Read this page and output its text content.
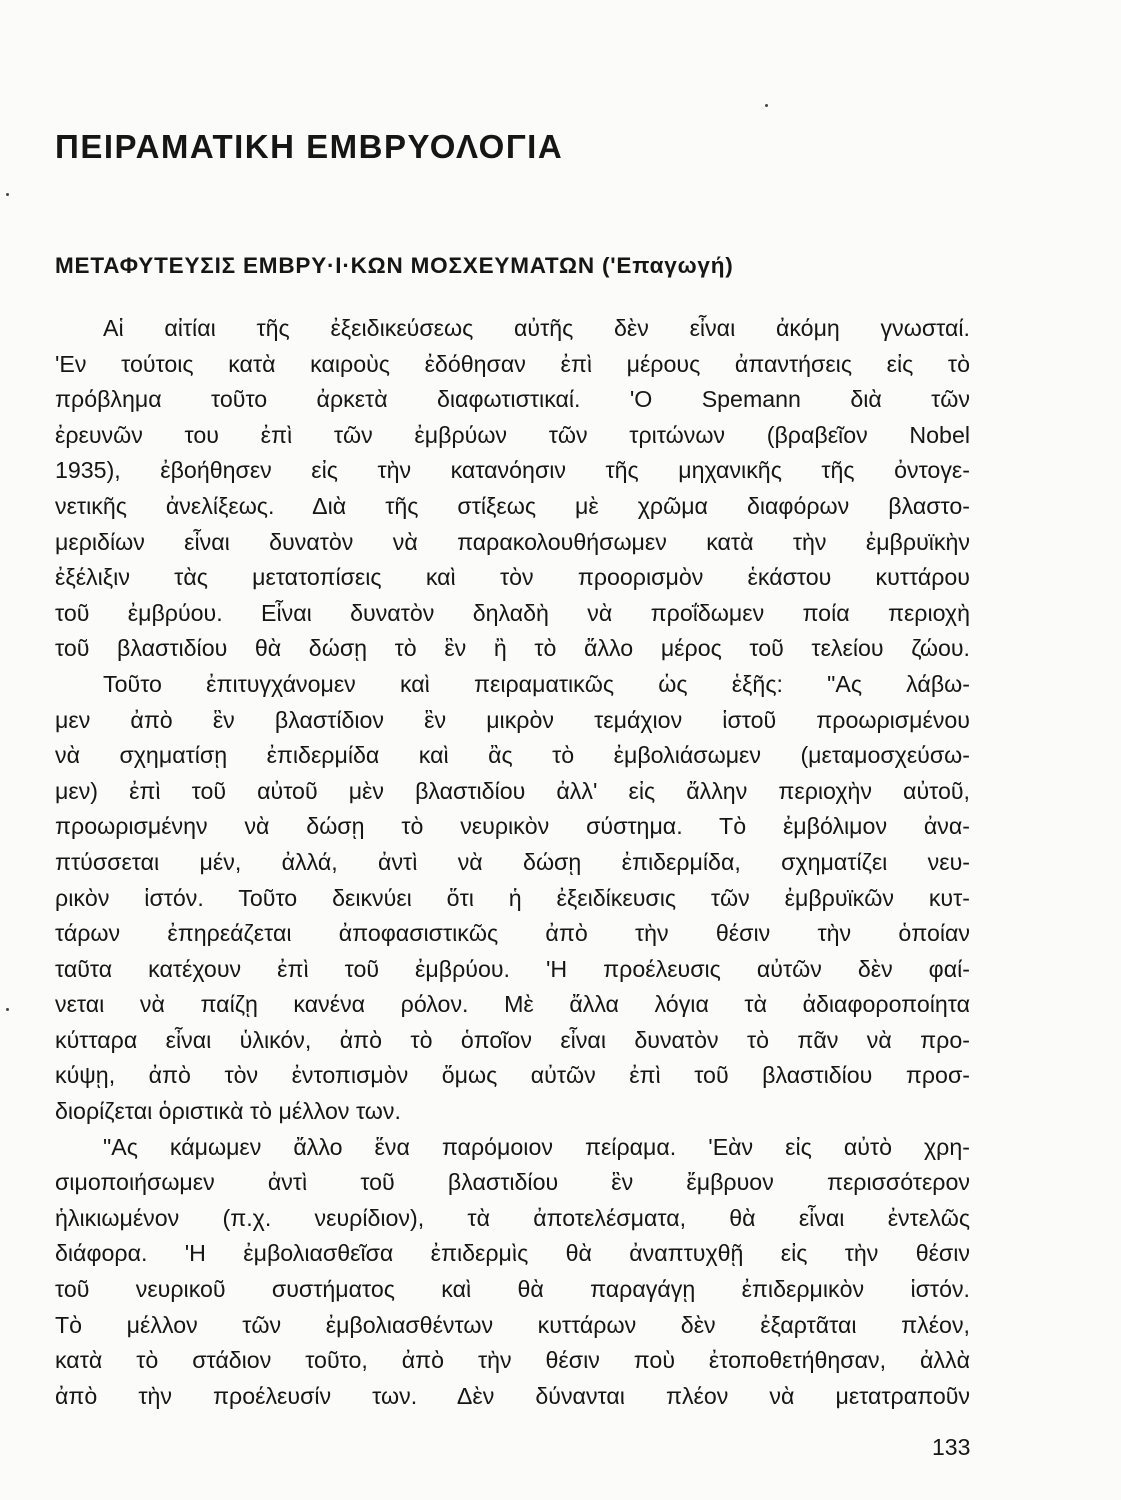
ΠΕΙΡΑΜΑΤΙΚΗ ΕΜΒΡΥΟΛΟΓΙΑ
ΜΕΤΑΦΥΤΕΥΣΙΣ ΕΜΒΡΥ·Ι·ΚΩΝ ΜΟΣΧΕΥΜΑΤΩΝ ('Επαγωγή)
Αἱ αἰτίαι τῆς ἐξειδικεύσεως αὐτῆς δὲν εἶναι ἀκόμη γνωσταί.
'Εν τούτοις κατὰ καιροὺς ἐδόθησαν ἐπὶ μέρους ἀπαντήσεις εἰς τὸ
πρόβλημα τοῦτο ἀρκετὰ διαφωτιστικαί. 'Ο Spemann διὰ τῶν
ἐρευνῶν του ἐπὶ τῶν ἐμβρύων τῶν τριτώνων (βραβεῖον Nobel
1935), ἐβοήθησεν εἰς τὴν κατανόησιν τῆς μηχανικῆς τῆς ὀντογε-
νετικῆς ἀνελίξεως. Διὰ τῆς στίξεως μὲ χρῶμα διαφόρων βλαστο-
μεριδίων εἶναι δυνατὸν νὰ παρακολουθήσωμεν κατὰ τὴν ἐμβρυϊκὴν
ἐξέλιξιν τὰς μετατοπίσεις καὶ τὸν προορισμὸν ἑκάστου κυττάρου
τοῦ ἐμβρύου. Εἶναι δυνατὸν δηλαδὴ νὰ προΐδωμεν ποία περιοχὴ
τοῦ βλαστιδίου θὰ δώσῃ τὸ ἓν ἢ τὸ ἄλλο μέρος τοῦ τελείου ζώου.
Τοῦτο ἐπιτυγχάνομεν καὶ πειραματικῶς ὡς ἑξῆς: "Ας λάβω-
μεν ἀπὸ ἓν βλαστίδιον ἓν μικρὸν τεμάχιον ἱστοῦ προωρισμένου
νὰ σχηματίσῃ ἐπιδερμίδα καὶ ἂς τὸ ἐμβολιάσωμεν (μεταμοσχεύσω-
μεν) ἐπὶ τοῦ αὐτοῦ μὲν βλαστιδίου ἀλλ' εἰς ἄλλην περιοχὴν αὐτοῦ,
προωρισμένην νὰ δώσῃ τὸ νευρικὸν σύστημα. Τὸ ἐμβόλιμον ἀνα-
πτύσσεται μέν, ἀλλά, ἀντὶ νὰ δώσῃ ἐπιδερμίδα, σχηματίζει νευ-
ρικὸν ἱστόν. Τοῦτο δεικνύει ὅτι ἡ ἐξειδίκευσις τῶν ἐμβρυϊκῶν κυτ-
τάρων ἐπηρεάζεται ἀποφασιστικῶς ἀπὸ τὴν θέσιν τὴν ὁποίαν
ταῦτα κατέχουν ἐπὶ τοῦ ἐμβρύου. 'Η προέλευσις αὐτῶν δὲν φαί-
νεται νὰ παίζῃ κανένα ρόλον. Μὲ ἄλλα λόγια τὰ ἀδιαφοροποίητα
κύτταρα εἶναι ὑλικόν, ἀπὸ τὸ ὁποῖον εἶναι δυνατὸν τὸ πᾶν νὰ προ-
κύψῃ, ἀπὸ τὸν ἐντοπισμὸν ὅμως αὐτῶν ἐπὶ τοῦ βλαστιδίου προσ-
διορίζεται ὁριστικὰ τὸ μέλλον των.
"Ας κάμωμεν ἄλλο ἕνα παρόμοιον πείραμα. 'Εὰν εἰς αὐτὸ χρη-
σιμοποιήσωμεν ἀντὶ τοῦ βλαστιδίου ἓν ἔμβρυον περισσότερον
ἡλικιωμένον (π.χ. νευρίδιον), τὰ ἀποτελέσματα, θὰ εἶναι ἐντελῶς
διάφορα. 'Η ἐμβολιασθεῖσα ἐπιδερμὶς θὰ ἀναπτυχθῇ εἰς τὴν θέσιν
τοῦ νευρικοῦ συστήματος καὶ θὰ παραγάγῃ ἐπιδερμικὸν ἱστόν.
Τὸ μέλλον τῶν ἐμβολιασθέντων κυττάρων δὲν ἐξαρτᾶται πλέον,
κατὰ τὸ στάδιον τοῦτο, ἀπὸ τὴν θέσιν ποὺ ἐτοποθετήθησαν, ἀλλὰ
ἀπὸ τὴν προέλευσίν των. Δὲν δύνανται πλέον νὰ μετατραποῦν

133
